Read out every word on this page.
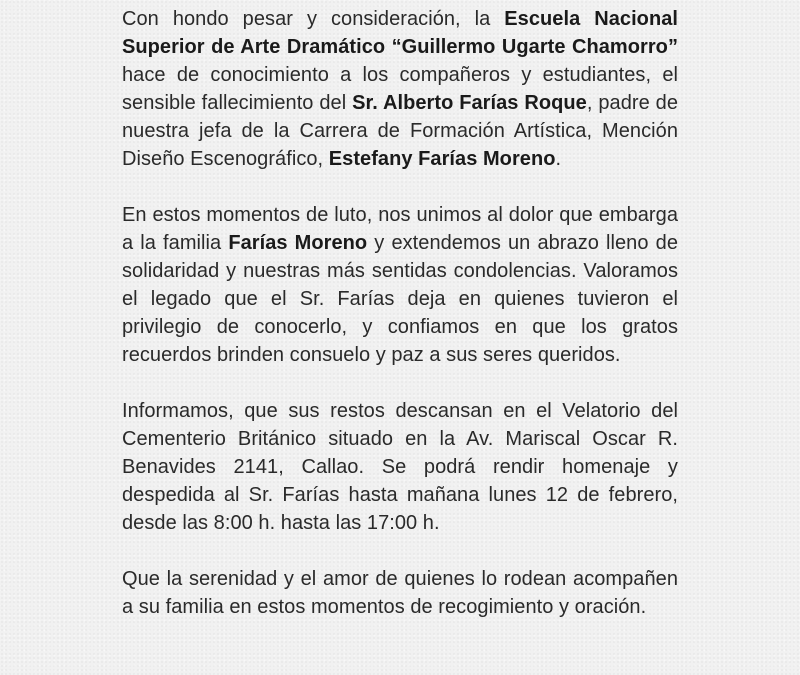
Con hondo pesar y consideración, la Escuela Nacional Superior de Arte Dramático “Guillermo Ugarte Chamorro” hace de conocimiento a los compañeros y estudiantes, el sensible fallecimiento del Sr. Alberto Farías Roque, padre de nuestra jefa de la Carrera de Formación Artística, Mención Diseño Escenográfico, Estefany Farías Moreno.

En estos momentos de luto, nos unimos al dolor que embarga a la familia Farías Moreno y extendemos un abrazo lleno de solidaridad y nuestras más sentidas condolencias. Valoramos el legado que el Sr. Farías deja en quienes tuvieron el privilegio de conocerlo, y confiamos en que los gratos recuerdos brinden consuelo y paz a sus seres queridos.

Informamos, que sus restos descansan en el Velatorio del Cementerio Británico situado en la Av. Mariscal Oscar R. Benavides 2141, Callao. Se podrá rendir homenaje y despedida al Sr. Farías hasta mañana lunes 12 de febrero, desde las 8:00 h. hasta las 17:00 h.

Que la serenidad y el amor de quienes lo rodean acompañen a su familia en estos momentos de recogimiento y oración.
